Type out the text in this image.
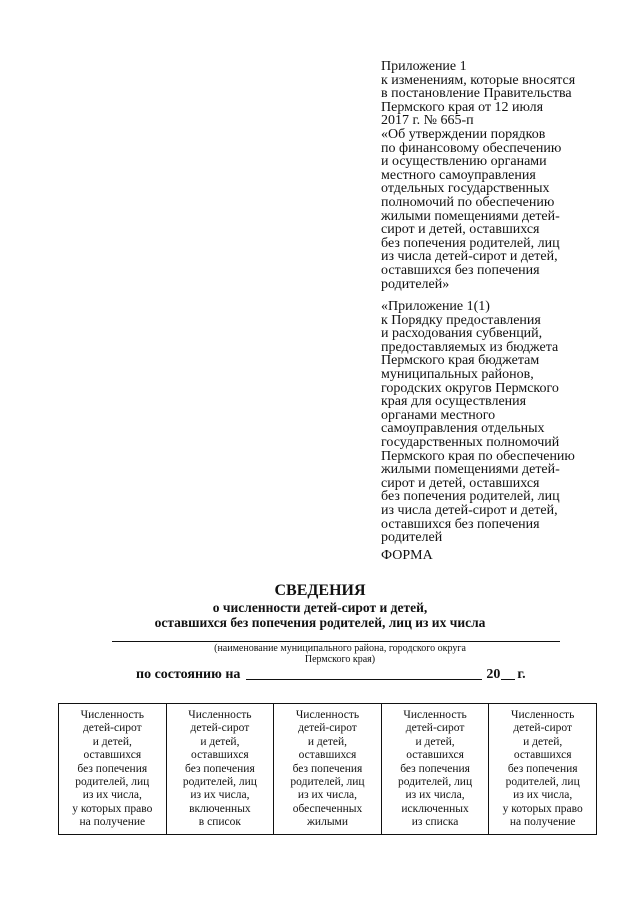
Приложение 1
к изменениям, которые вносятся
в постановление Правительства
Пермского края от 12 июля
2017 г. № 665-п
«Об утверждении порядков
по финансовому обеспечению
и осуществлению органами
местного самоуправления
отдельных государственных
полномочий по обеспечению
жилыми помещениями детей-
сирот и детей, оставшихся
без попечения родителей, лиц
из числа детей-сирот и детей,
оставшихся без попечения
родителей»
«Приложение 1(1)
к Порядку предоставления
и расходования субвенций,
предоставляемых из бюджета
Пермского края бюджетам
муниципальных районов,
городских округов Пермского
края для осуществления
органами местного
самоуправления отдельных
государственных полномочий
Пермского края по обеспечению
жилыми помещениями детей-
сирот и детей, оставшихся
без попечения родителей, лиц
из числа детей-сирот и детей,
оставшихся без попечения
родителей
ФОРМА
СВЕДЕНИЯ
о численности детей-сирот и детей,
оставшихся без попечения родителей, лиц из их числа
(наименование муниципального района, городского округа
Пермского края)
по состоянию на	20 г.
Численность
детей-сирот
и детей,
оставшихся
без попечения
родителей, лиц
из их числа,
у которых право
на получение	Численность
детей-сирот
и детей,
оставшихся
без попечения
родителей, лиц
из их числа,
включенных
в список	Численность
детей-сирот
и детей,
оставшихся
без попечения
родителей, лиц
из их числа,
обеспеченных
жилыми	Численность
детей-сирот
и детей,
оставшихся
без попечения
родителей, лиц
из их числа,
исключенных
из списка	Численность
детей-сирот
и детей,
оставшихся
без попечения
родителей, лиц
из их числа,
у которых право
на получение
